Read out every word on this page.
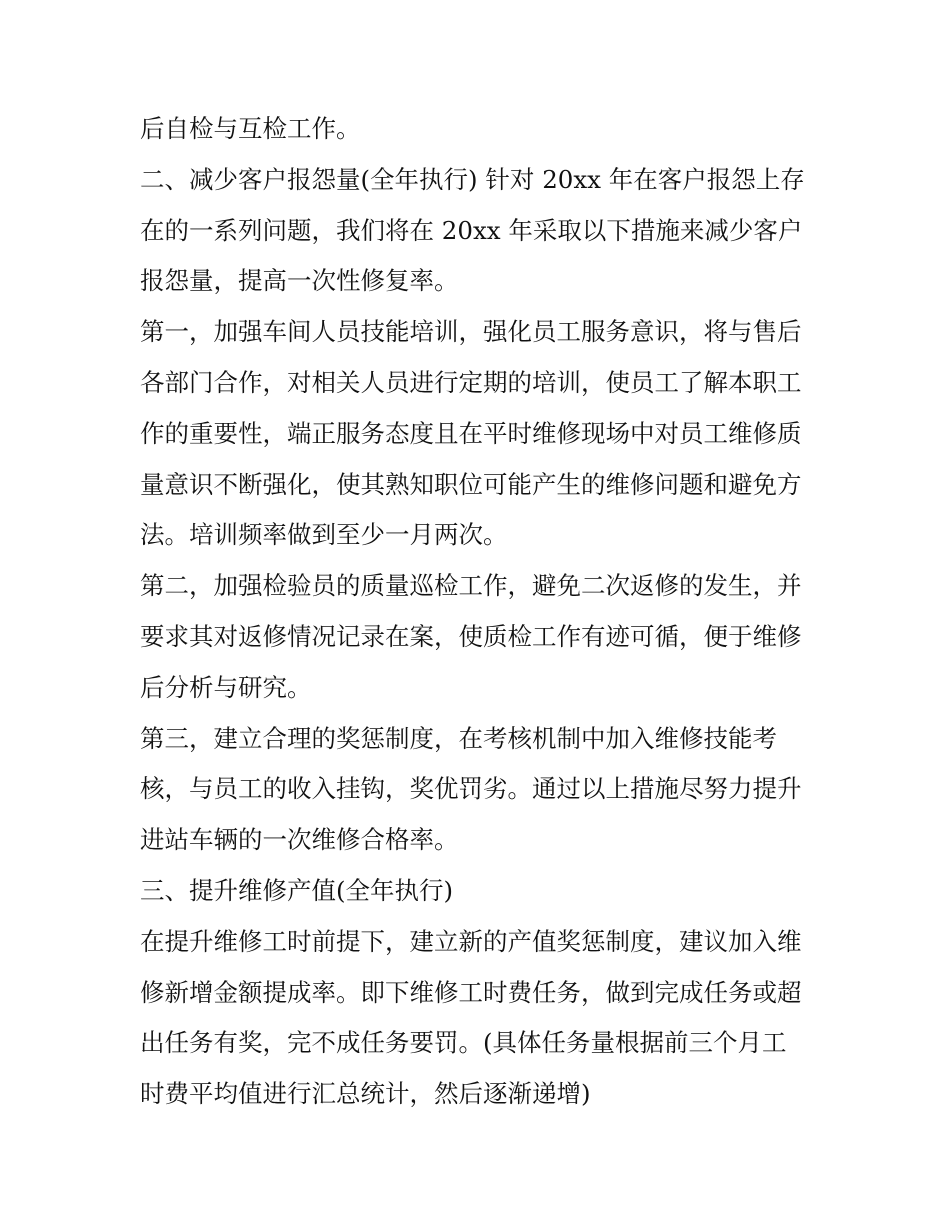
后自检与互检工作。
二、减少客户报怨量(全年执行) 针对 20xx 年在客户报怨上存
在的一系列问题，我们将在 20xx 年采取以下措施来减少客户
报怨量，提高一次性修复率。
第一，加强车间人员技能培训，强化员工服务意识，将与售后
各部门合作，对相关人员进行定期的培训，使员工了解本职工
作的重要性，端正服务态度且在平时维修现场中对员工维修质
量意识不断强化，使其熟知职位可能产生的维修问题和避免方
法。培训频率做到至少一月两次。
第二，加强检验员的质量巡检工作，避免二次返修的发生，并
要求其对返修情况记录在案，使质检工作有迹可循，便于维修
后分析与研究。
第三，建立合理的奖惩制度，在考核机制中加入维修技能考
核，与员工的收入挂钩，奖优罚劣。通过以上措施尽努力提升
进站车辆的一次维修合格率。
三、提升维修产值(全年执行)
在提升维修工时前提下，建立新的产值奖惩制度，建议加入维
修新增金额提成率。即下维修工时费任务，做到完成任务或超
出任务有奖，完不成任务要罚。(具体任务量根据前三个月工
时费平均值进行汇总统计，然后逐渐递增)
